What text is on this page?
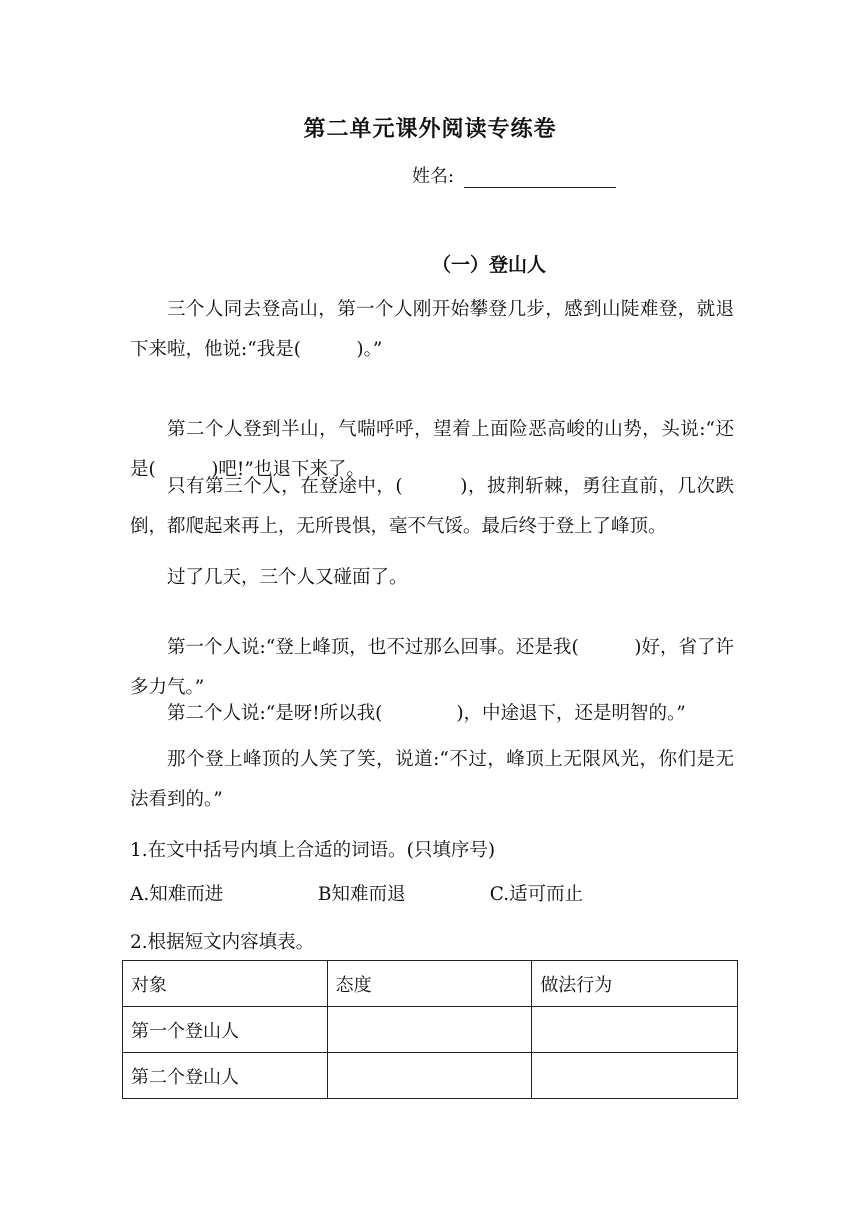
第二单元课外阅读专练卷
姓名:
（一）登山人

三个人同去登高山，第一个人刚开始攀登几步，感到山陡难登，就退下来啦，他说:“我是(　　　)。”

第二个人登到半山，气喘呼呼，望着上面险恶高峻的山势，头说:“还是(　　　)吧!”也退下来了。

只有第三个人，在登途中，(　　　)，披荆斩棘，勇往直前，几次跌倒，都爬起来再上，无所畏惧，毫不气馁。最后终于登上了峰顶。

过了几天，三个人又碰面了。

第一个人说:“登上峰顶，也不过那么回事。还是我(　　　)好，省了许多力气。”

第二个人说:“是呀!所以我(　　　　)，中途退下，还是明智的。”

那个登上峰顶的人笑了笑，说道:“不过，峰顶上无限风光，你们是无法看到的。”

1.在文中括号内填上合适的词语。(只填序号)

A.知难而进	B知难而退	C.适可而止

2.根据短文内容填表。

对象	态度	做法行为
第一个登山人		
第二个登山人		
